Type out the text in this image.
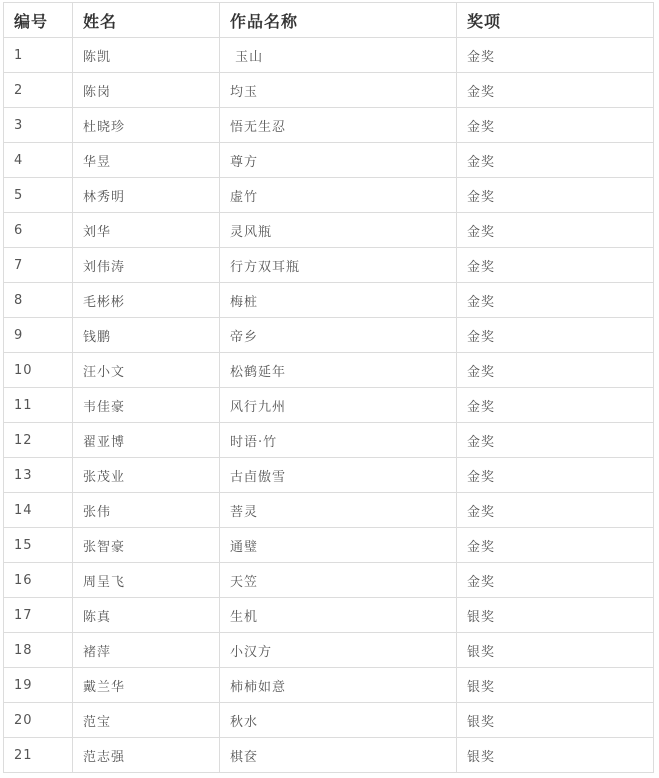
编号	姓名	作品名称	奖项
1	陈凯	玉山	金奖
2	陈岗	均玉	金奖
3	杜晓珍	悟无生忍	金奖
4	华昱	尊方	金奖
5	林秀明	虚竹	金奖
6	刘华	灵风瓶	金奖
7	刘伟涛	行方双耳瓶	金奖
8	毛彬彬	梅桩	金奖
9	钱鹏	帝乡	金奖
10	汪小文	松鹤延年	金奖
11	韦佳豪	风行九州	金奖
12	翟亚博	时语·竹	金奖
13	张茂业	古卣傲雪	金奖
14	张伟	菩灵	金奖
15	张智豪	通璧	金奖
16	周呈飞	天笠	金奖
17	陈真	生机	银奖
18	褚萍	小汉方	银奖
19	戴兰华	柿柿如意	银奖
20	范宝	秋水	银奖
21	范志强	棋奁	银奖
